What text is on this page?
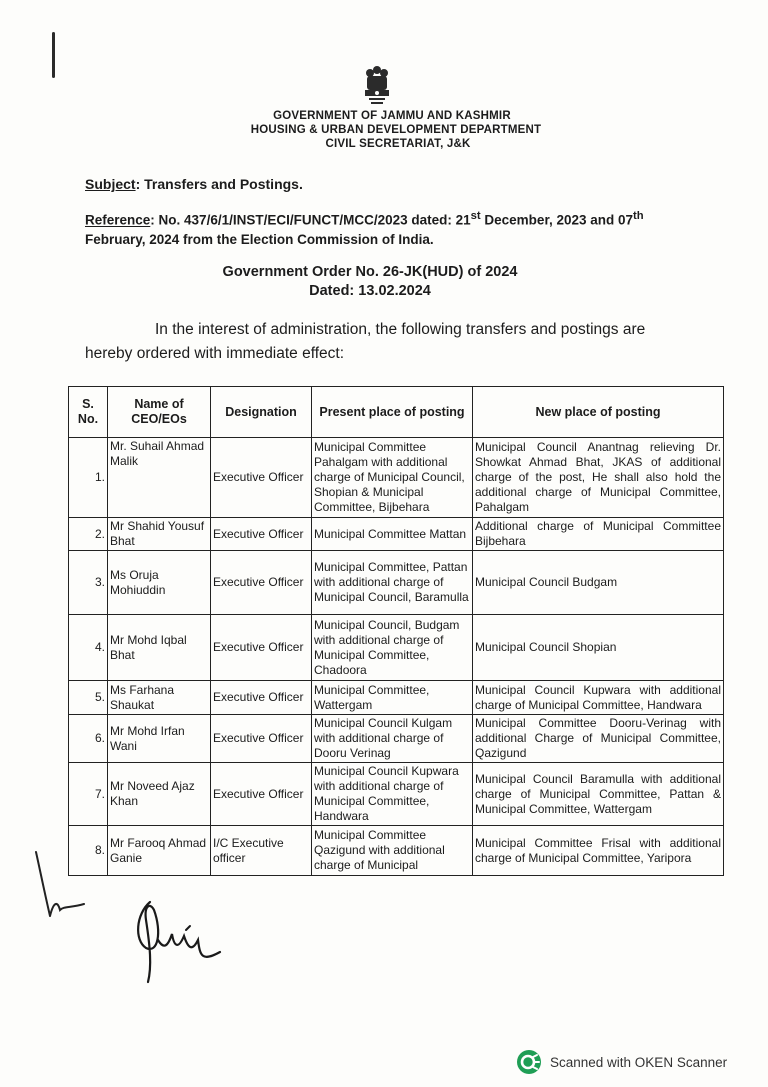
GOVERNMENT OF JAMMU AND KASHMIR
HOUSING & URBAN DEVELOPMENT DEPARTMENT
CIVIL SECRETARIAT, J&K
Subject: Transfers and Postings.
Reference: No. 437/6/1/INST/ECI/FUNCT/MCC/2023 dated: 21st December, 2023 and 07th February, 2024 from the Election Commission of India.
Government Order No. 26-JK(HUD) of 2024
Dated: 13.02.2024
In the interest of administration, the following transfers and postings are hereby ordered with immediate effect:
S. No.	Name of CEO/EOs	Designation	Present place of posting	New place of posting
1.	Mr. Suhail Ahmad Malik	Executive Officer	Municipal Committee Pahalgam with additional charge of Municipal Council, Shopian & Municipal Committee, Bijbehara	Municipal Council Anantnag relieving Dr. Showkat Ahmad Bhat, JKAS of additional charge of the post, He shall also hold the additional charge of Municipal Committee, Pahalgam
2.	Mr Shahid Yousuf Bhat	Executive Officer	Municipal Committee Mattan	Additional charge of Municipal Committee Bijbehara
3.	Ms Oruja Mohiuddin	Executive Officer	Municipal Committee, Pattan with additional charge of Municipal Council, Baramulla	Municipal Council Budgam
4.	Mr Mohd Iqbal Bhat	Executive Officer	Municipal Council, Budgam with additional charge of Municipal Committee, Chadoora	Municipal Council Shopian
5.	Ms Farhana Shaukat	Executive Officer	Municipal Committee, Wattergam	Municipal Council Kupwara with additional charge of Municipal Committee, Handwara
6.	Mr Mohd Irfan Wani	Executive Officer	Municipal Council Kulgam with additional charge of Dooru Verinag	Municipal Committee Dooru-Verinag with additional Charge of Municipal Committee, Qazigund
7.	Mr Noveed Ajaz Khan	Executive Officer	Municipal Council Kupwara with additional charge of Municipal Committee, Handwara	Municipal Council Baramulla with additional charge of Municipal Committee, Pattan & Municipal Committee, Wattergam
8.	Mr Farooq Ahmad Ganie	I/C Executive officer	Municipal Committee Qazigund with additional charge of Municipal	Municipal Committee Frisal with additional charge of Municipal Committee, Yaripora
Scanned with OKEN Scanner
